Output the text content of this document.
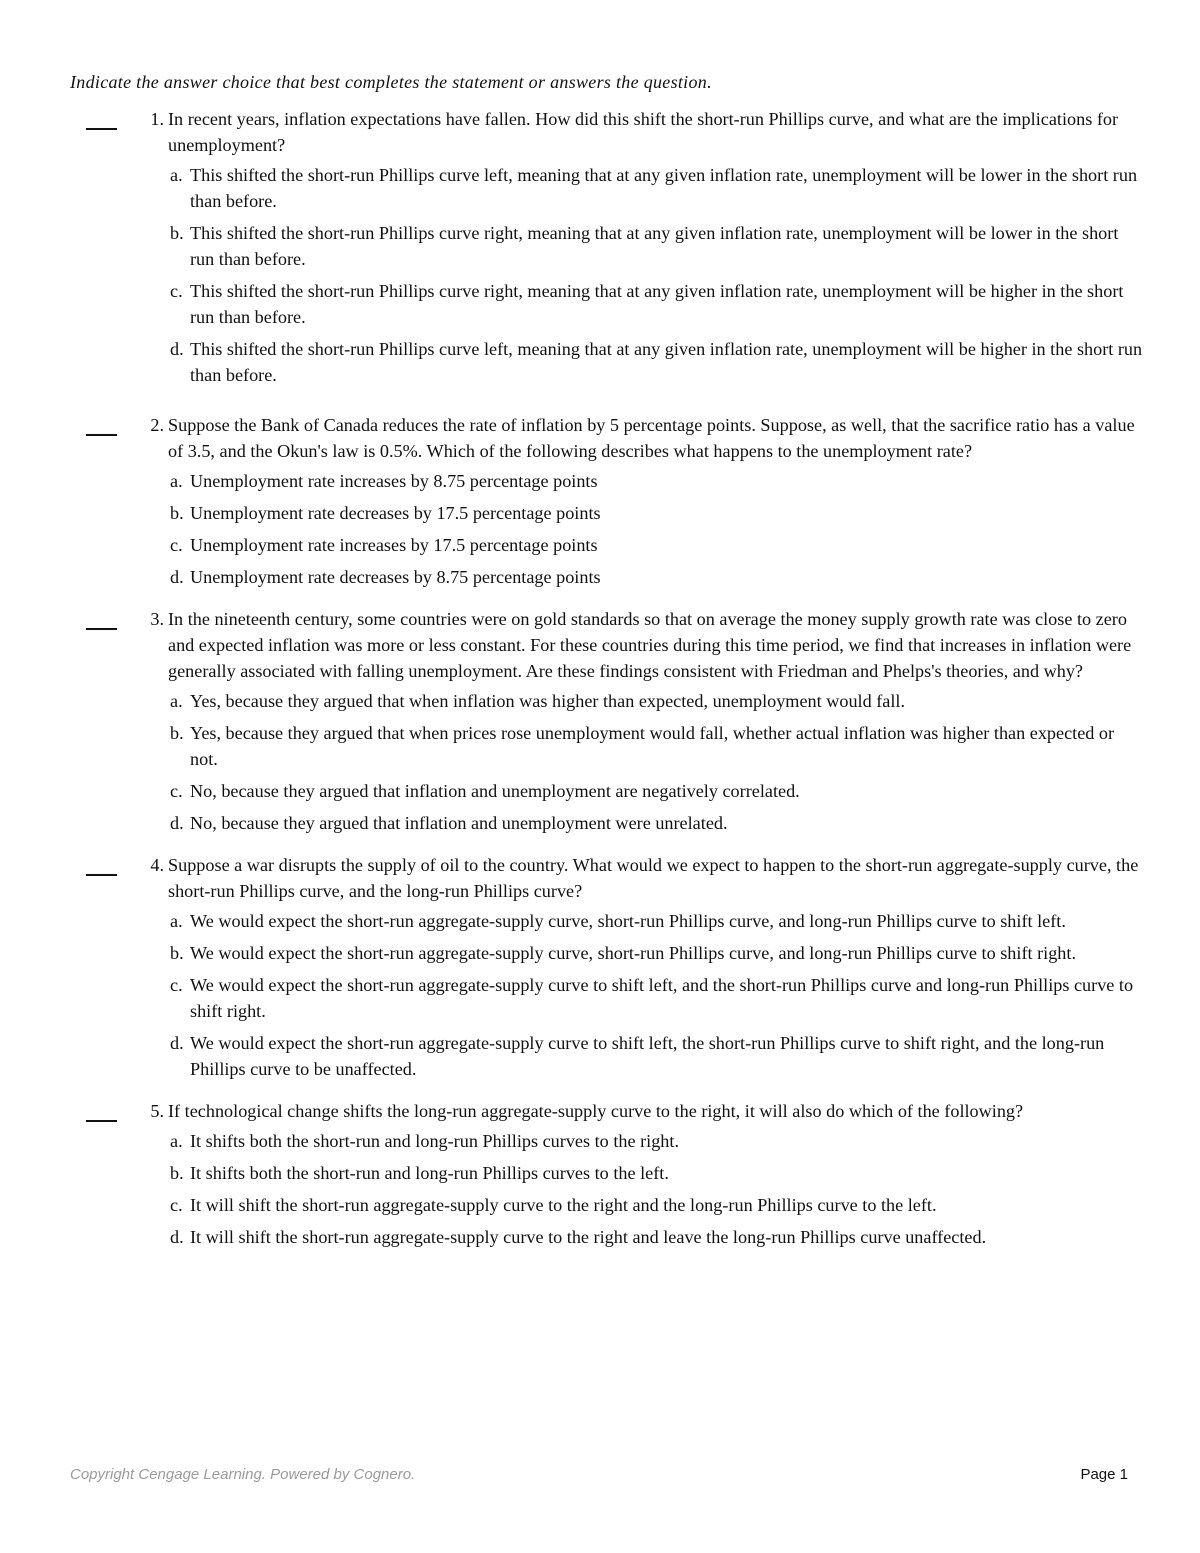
Indicate the answer choice that best completes the statement or answers the question.
1. In recent years, inflation expectations have fallen. How did this shift the short-run Phillips curve, and what are the implications for unemployment?
a. This shifted the short-run Phillips curve left, meaning that at any given inflation rate, unemployment will be lower in the short run than before.
b. This shifted the short-run Phillips curve right, meaning that at any given inflation rate, unemployment will be lower in the short run than before.
c. This shifted the short-run Phillips curve right, meaning that at any given inflation rate, unemployment will be higher in the short run than before.
d. This shifted the short-run Phillips curve left, meaning that at any given inflation rate, unemployment will be higher in the short run than before.
2. Suppose the Bank of Canada reduces the rate of inflation by 5 percentage points. Suppose, as well, that the sacrifice ratio has a value of 3.5, and the Okun's law is 0.5%. Which of the following describes what happens to the unemployment rate?
a. Unemployment rate increases by 8.75 percentage points
b. Unemployment rate decreases by 17.5 percentage points
c. Unemployment rate increases by 17.5 percentage points
d. Unemployment rate decreases by 8.75 percentage points
3. In the nineteenth century, some countries were on gold standards so that on average the money supply growth rate was close to zero and expected inflation was more or less constant. For these countries during this time period, we find that increases in inflation were generally associated with falling unemployment. Are these findings consistent with Friedman and Phelps's theories, and why?
a. Yes, because they argued that when inflation was higher than expected, unemployment would fall.
b. Yes, because they argued that when prices rose unemployment would fall, whether actual inflation was higher than expected or not.
c. No, because they argued that inflation and unemployment are negatively correlated.
d. No, because they argued that inflation and unemployment were unrelated.
4. Suppose a war disrupts the supply of oil to the country. What would we expect to happen to the short-run aggregate-supply curve, the short-run Phillips curve, and the long-run Phillips curve?
a. We would expect the short-run aggregate-supply curve, short-run Phillips curve, and long-run Phillips curve to shift left.
b. We would expect the short-run aggregate-supply curve, short-run Phillips curve, and long-run Phillips curve to shift right.
c. We would expect the short-run aggregate-supply curve to shift left, and the short-run Phillips curve and long-run Phillips curve to shift right.
d. We would expect the short-run aggregate-supply curve to shift left, the short-run Phillips curve to shift right, and the long-run Phillips curve to be unaffected.
5. If technological change shifts the long-run aggregate-supply curve to the right, it will also do which of the following?
a. It shifts both the short-run and long-run Phillips curves to the right.
b. It shifts both the short-run and long-run Phillips curves to the left.
c. It will shift the short-run aggregate-supply curve to the right and the long-run Phillips curve to the left.
d. It will shift the short-run aggregate-supply curve to the right and leave the long-run Phillips curve unaffected.
Copyright Cengage Learning. Powered by Cognero.	Page 1
